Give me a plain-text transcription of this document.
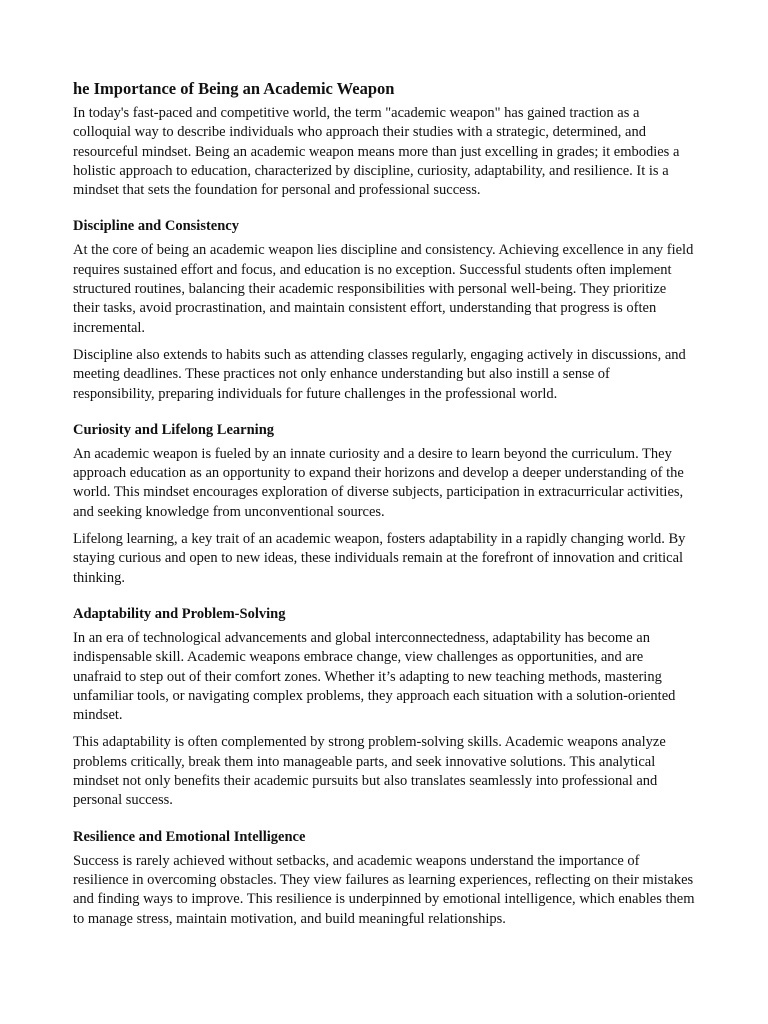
he Importance of Being an Academic Weapon

In today's fast-paced and competitive world, the term "academic weapon" has gained traction as a colloquial way to describe individuals who approach their studies with a strategic, determined, and resourceful mindset. Being an academic weapon means more than just excelling in grades; it embodies a holistic approach to education, characterized by discipline, curiosity, adaptability, and resilience. It is a mindset that sets the foundation for personal and professional success.

Discipline and Consistency

At the core of being an academic weapon lies discipline and consistency. Achieving excellence in any field requires sustained effort and focus, and education is no exception. Successful students often implement structured routines, balancing their academic responsibilities with personal well-being. They prioritize their tasks, avoid procrastination, and maintain consistent effort, understanding that progress is often incremental.

Discipline also extends to habits such as attending classes regularly, engaging actively in discussions, and meeting deadlines. These practices not only enhance understanding but also instill a sense of responsibility, preparing individuals for future challenges in the professional world.

Curiosity and Lifelong Learning

An academic weapon is fueled by an innate curiosity and a desire to learn beyond the curriculum. They approach education as an opportunity to expand their horizons and develop a deeper understanding of the world. This mindset encourages exploration of diverse subjects, participation in extracurricular activities, and seeking knowledge from unconventional sources.

Lifelong learning, a key trait of an academic weapon, fosters adaptability in a rapidly changing world. By staying curious and open to new ideas, these individuals remain at the forefront of innovation and critical thinking.

Adaptability and Problem-Solving

In an era of technological advancements and global interconnectedness, adaptability has become an indispensable skill. Academic weapons embrace change, view challenges as opportunities, and are unafraid to step out of their comfort zones. Whether it’s adapting to new teaching methods, mastering unfamiliar tools, or navigating complex problems, they approach each situation with a solution-oriented mindset.

This adaptability is often complemented by strong problem-solving skills. Academic weapons analyze problems critically, break them into manageable parts, and seek innovative solutions. This analytical mindset not only benefits their academic pursuits but also translates seamlessly into professional and personal success.

Resilience and Emotional Intelligence

Success is rarely achieved without setbacks, and academic weapons understand the importance of resilience in overcoming obstacles. They view failures as learning experiences, reflecting on their mistakes and finding ways to improve. This resilience is underpinned by emotional intelligence, which enables them to manage stress, maintain motivation, and build meaningful relationships.
